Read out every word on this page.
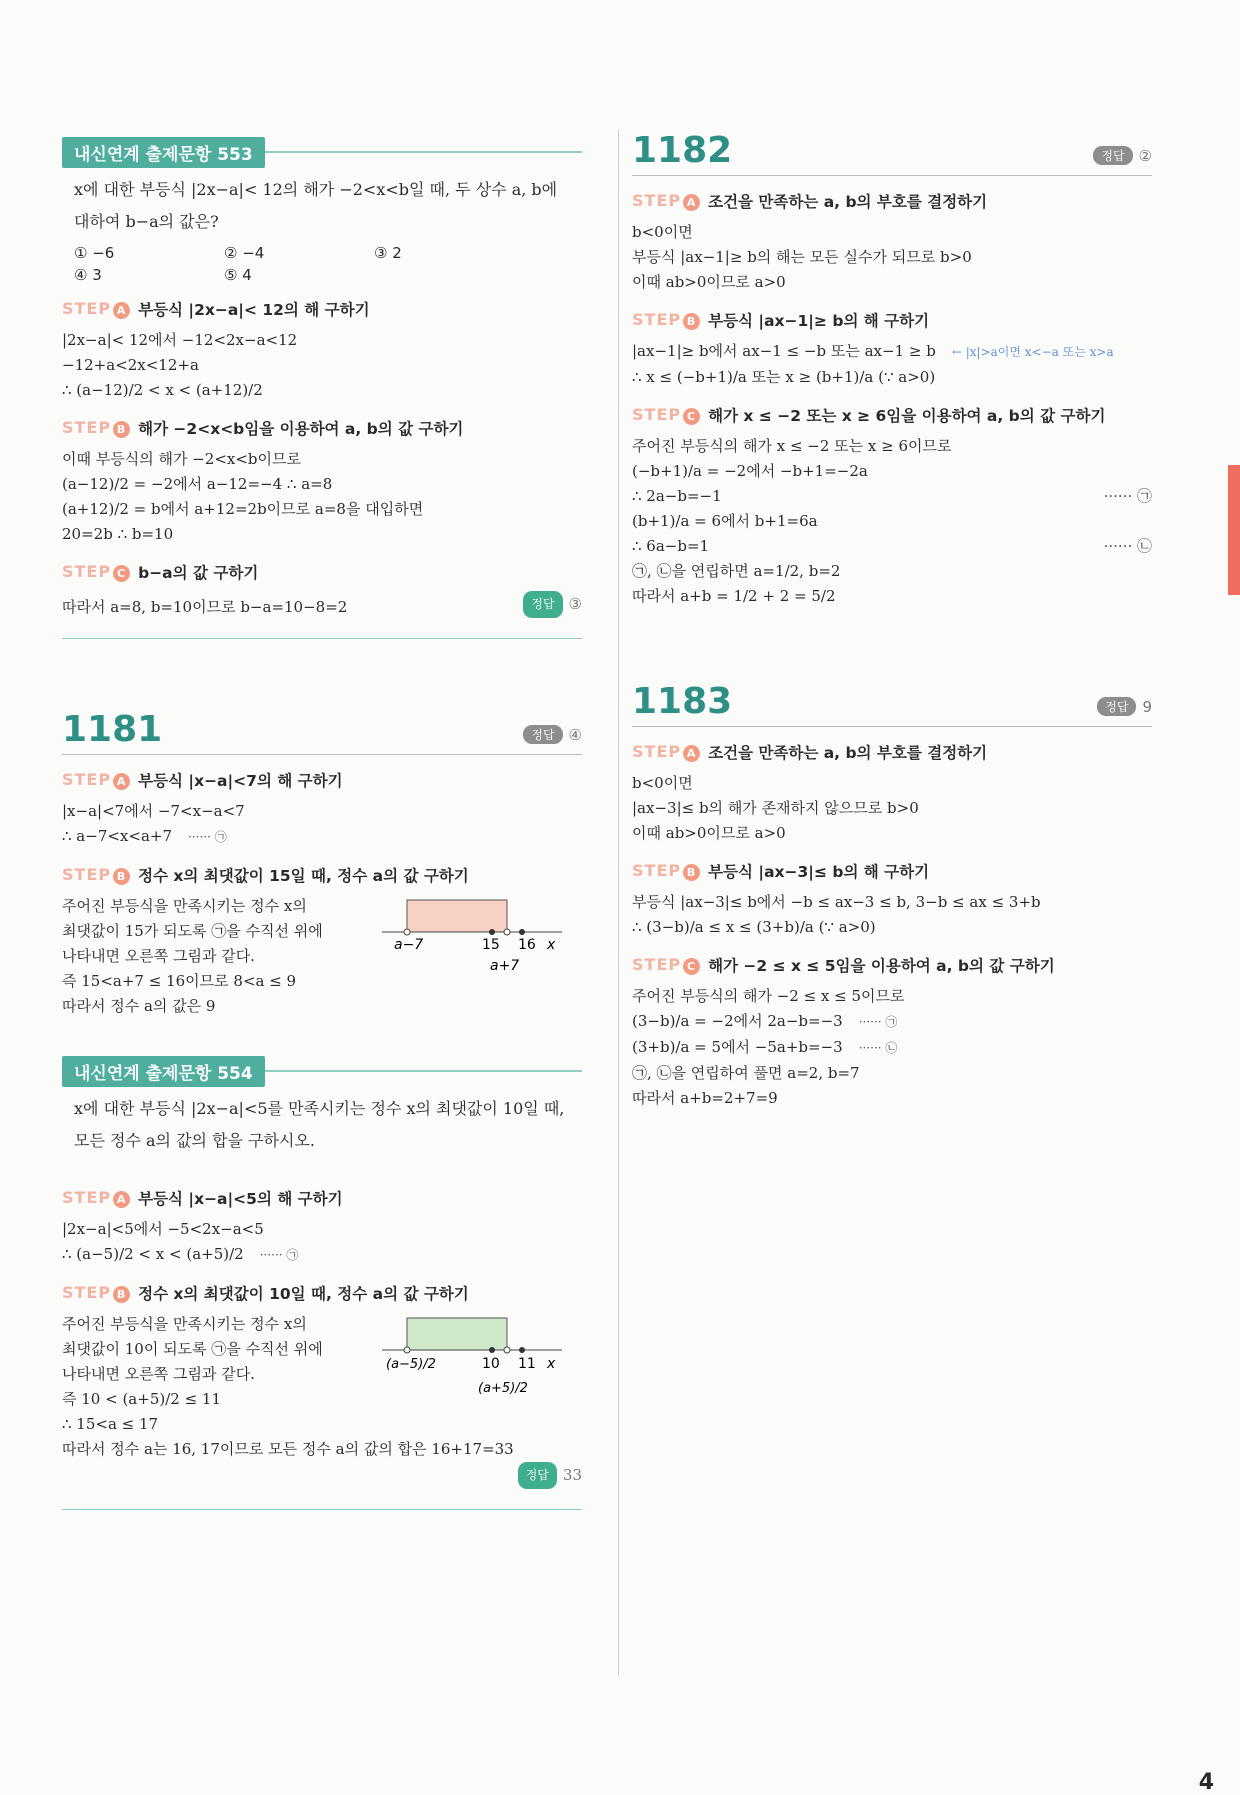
내신연계 출제문항 553
x에 대한 부등식 |2x−a|< 12의 해가 −2<x<b일 때, 두 상수 a, b에
대하여 b−a의 값은?
① −6	② −4	③ 2
④ 3	⑤ 4
STEP A 부등식 |2x−a|< 12의 해 구하기
|2x−a|< 12에서 −12<2x−a<12
−12+a<2x<12+a
∴ (a−12)/2 < x < (a+12)/2
STEP B 해가 −2<x<b임을 이용하여 a, b의 값 구하기
이때 부등식의 해가 −2<x<b이므로
(a−12)/2 = −2에서 a−12=−4 ∴ a=8
(a+12)/2 = b에서 a+12=2b이므로 a=8을 대입하면
20=2b ∴ b=10
STEP C b−a의 값 구하기
따라서 a=8, b=10이므로 b−a=10−8=2	정답 ③
1181	정답 ④
STEP A 부등식 |x−a|<7의 해 구하기
|x−a|<7에서 −7<x−a<7
∴ a−7<x<a+7 ······ ㉠
STEP B 정수 x의 최댓값이 15일 때, 정수 a의 값 구하기
a−7	15 16 x
a+7
주어진 부등식을 만족시키는 정수 x의
최댓값이 15가 되도록 ㉠을 수직선 위에
나타내면 오른쪽 그림과 같다.
즉 15<a+7 ≤ 16이므로 8<a ≤ 9
따라서 정수 a의 값은 9
내신연계 출제문항 554
x에 대한 부등식 |2x−a|<5를 만족시키는 정수 x의 최댓값이 10일 때,
모든 정수 a의 값의 합을 구하시오.
STEP A 부등식 |x−a|<5의 해 구하기
|2x−a|<5에서 −5<2x−a<5
∴ (a−5)/2 < x < (a+5)/2 ······ ㉠
STEP B 정수 x의 최댓값이 10일 때, 정수 a의 값 구하기
(a−5)/2	10 11 x
(a+5)/2
주어진 부등식을 만족시키는 정수 x의
최댓값이 10이 되도록 ㉠을 수직선 위에
나타내면 오른쪽 그림과 같다.
즉 10 < (a+5)/2 ≤ 11
∴ 15<a ≤ 17
따라서 정수 a는 16, 17이므로 모든 정수 a의 값의 합은 16+17=33
정답 33
1182	정답 ②
STEP A 조건을 만족하는 a, b의 부호를 결정하기
b<0이면
부등식 |ax−1|≥ b의 해는 모든 실수가 되므로 b>0
이때 ab>0이므로 a>0
STEP B 부등식 |ax−1|≥ b의 해 구하기
|ax−1|≥ b에서 ax−1 ≤ −b 또는 ax−1 ≥ b ← |x|>a이면 x<−a 또는 x>a
∴ x ≤ (−b+1)/a 또는 x ≥ (b+1)/a (∵ a>0)
STEP C 해가 x ≤ −2 또는 x ≥ 6임을 이용하여 a, b의 값 구하기
주어진 부등식의 해가 x ≤ −2 또는 x ≥ 6이므로
(−b+1)/a = −2에서 −b+1=−2a
∴ 2a−b=−1	······ ㉠
(b+1)/a = 6에서 b+1=6a
∴ 6a−b=1	······ ㉡
㉠, ㉡을 연립하면 a=1/2, b=2
따라서 a+b = 1/2 + 2 = 5/2
1183	정답 9
STEP A 조건을 만족하는 a, b의 부호를 결정하기
b<0이면
|ax−3|≤ b의 해가 존재하지 않으므로 b>0
이때 ab>0이므로 a>0
STEP B 부등식 |ax−3|≤ b의 해 구하기
부등식 |ax−3|≤ b에서 −b ≤ ax−3 ≤ b, 3−b ≤ ax ≤ 3+b
∴ (3−b)/a ≤ x ≤ (3+b)/a (∵ a>0)
STEP C 해가 −2 ≤ x ≤ 5임을 이용하여 a, b의 값 구하기
주어진 부등식의 해가 −2 ≤ x ≤ 5이므로
(3−b)/a = −2에서 2a−b=−3 ······ ㉠
(3+b)/a = 5에서 −5a+b=−3 ······ ㉡
㉠, ㉡을 연립하여 풀면 a=2, b=7
따라서 a+b=2+7=9
4
